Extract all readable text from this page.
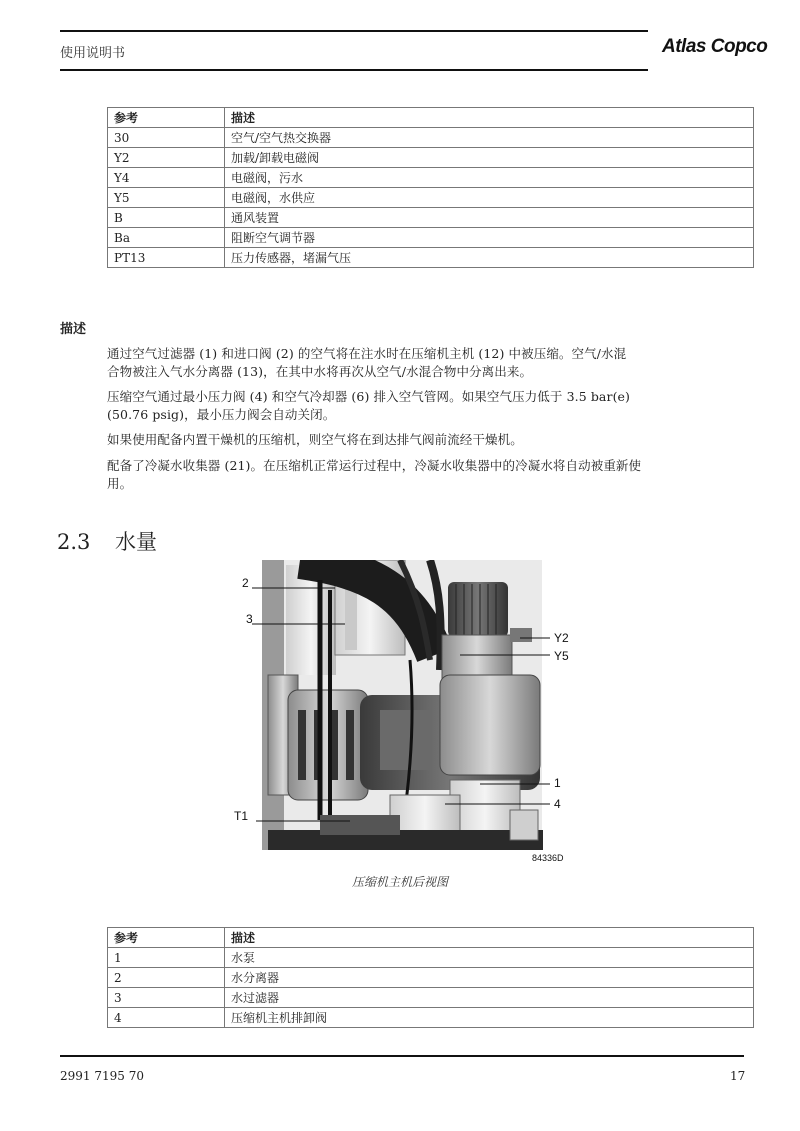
使用说明书	Atlas Copco
参考	描述
30	空气/空气热交换器
Y2	加载/卸载电磁阀
Y4	电磁阀，污水
Y5	电磁阀，水供应
B	通风装置
Ba	阻断空气调节器
PT13	压力传感器，堵漏气压
描述
通过空气过滤器 (1) 和进口阀 (2) 的空气将在注水时在压缩机主机 (12) 中被压缩。空气/水混
合物被注入气水分离器 (13)，在其中水将再次从空气/水混合物中分离出来。
压缩空气通过最小压力阀 (4) 和空气冷却器 (6) 排入空气管网。如果空气压力低于 3.5 bar(e)
(50.76 psig)，最小压力阀会自动关闭。
如果使用配备内置干燥机的压缩机，则空气将在到达排气阀前流经干燥机。
配备了冷凝水收集器 (21)。在压缩机正常运行过程中，冷凝水收集器中的冷凝水将自动被重新使
用。
2.3 水量
2
3
Y2
Y5
1
4
T1
84336D
压缩机主机后视图
参考	描述
1	水泵
2	水分离器
3	水过滤器
4	压缩机主机排卸阀
2991 7195 70	17
